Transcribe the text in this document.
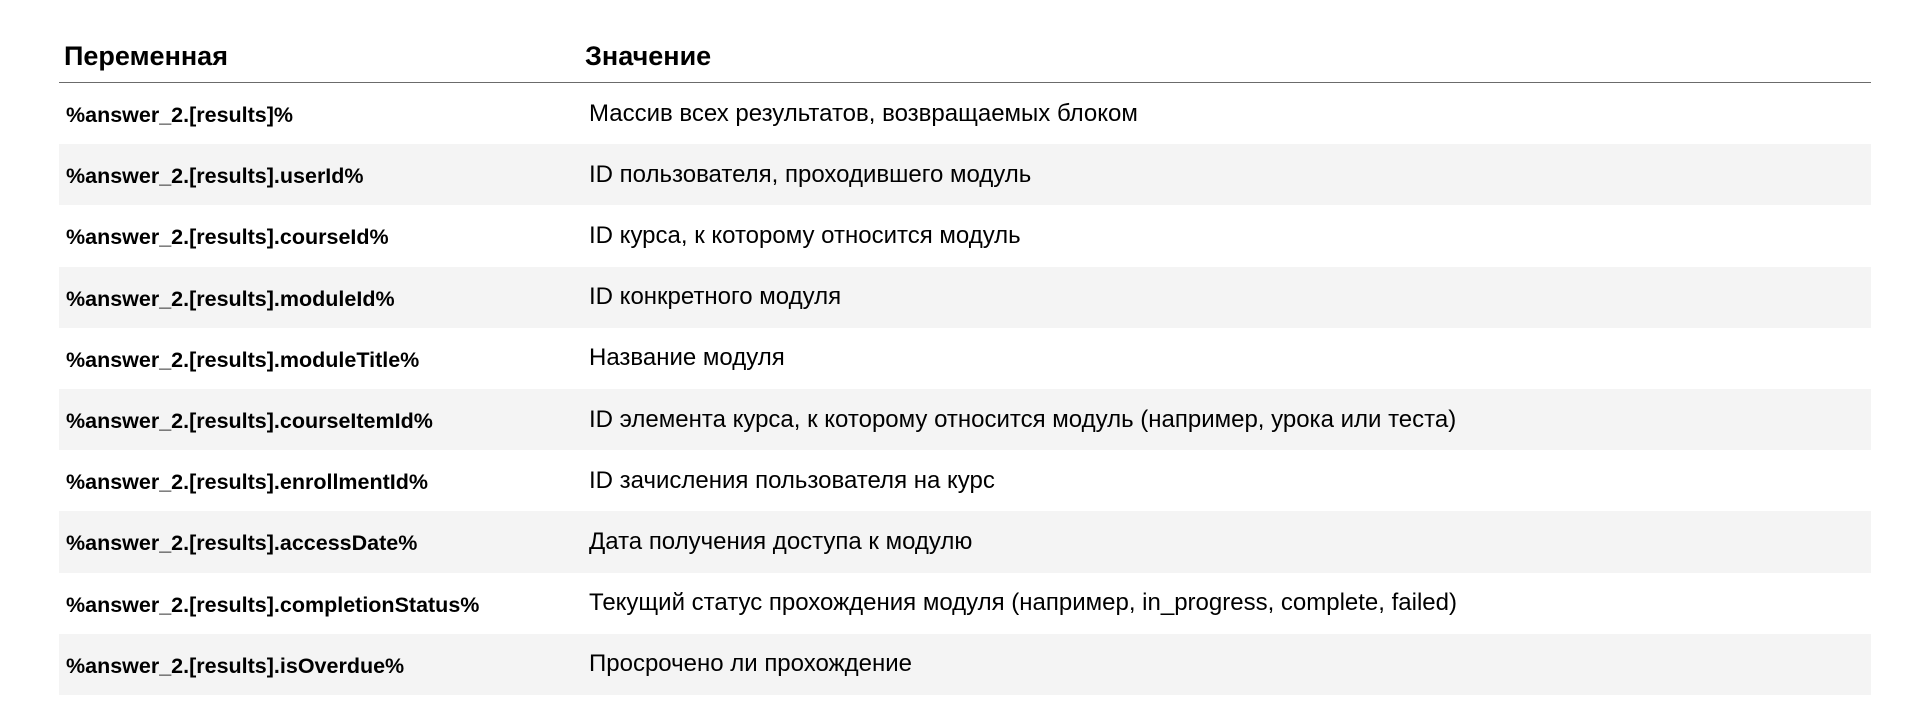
Переменная	Значение
%answer_2.[results]%	Массив всех результатов, возвращаемых блоком
%answer_2.[results].userId%	ID пользователя, проходившего модуль
%answer_2.[results].courseId%	ID курса, к которому относится модуль
%answer_2.[results].moduleId%	ID конкретного модуля
%answer_2.[results].moduleTitle%	Название модуля
%answer_2.[results].courseItemId%	ID элемента курса, к которому относится модуль (например, урока или теста)
%answer_2.[results].enrollmentId%	ID зачисления пользователя на курс
%answer_2.[results].accessDate%	Дата получения доступа к модулю
%answer_2.[results].completionStatus%	Текущий статус прохождения модуля (например, in_progress, complete, failed)
%answer_2.[results].isOverdue%	Просрочено ли прохождение
